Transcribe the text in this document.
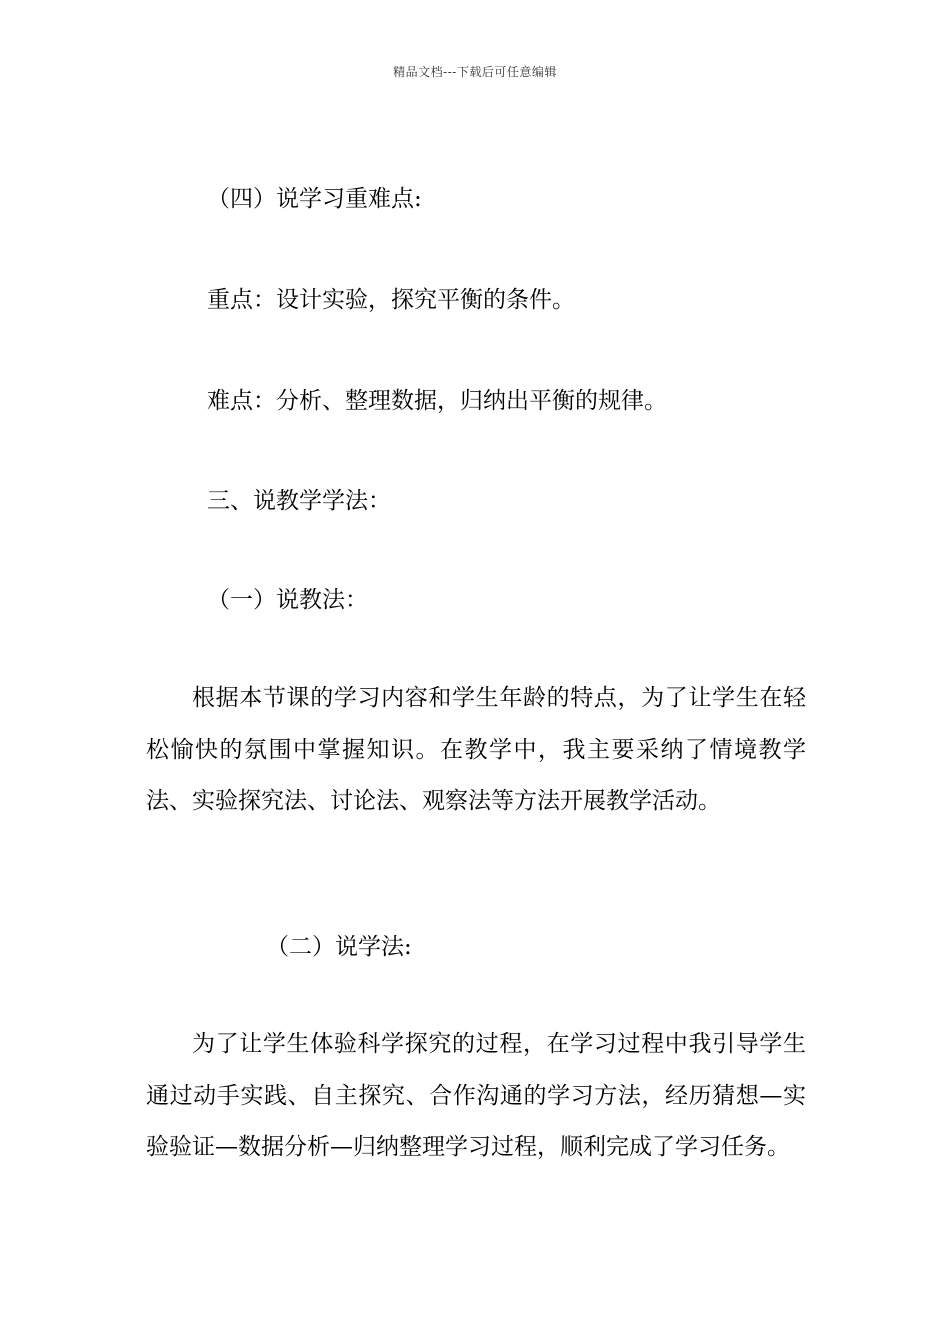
精品文档---下载后可任意编辑

（四）说学习重难点:

重点：设计实验，探究平衡的条件。

难点：分析、整理数据，归纳出平衡的规律。

三、说教学学法：

（一）说教法：

根据本节课的学习内容和学生年龄的特点，为了让学生在轻松愉快的氛围中掌握知识。在教学中，我主要采纳了情境教学法、实验探究法、讨论法、观察法等方法开展教学活动。

（二）说学法:

为了让学生体验科学探究的过程，在学习过程中我引导学生通过动手实践、自主探究、合作沟通的学习方法，经历猜想—实验验证—数据分析—归纳整理学习过程，顺利完成了学习任务。
